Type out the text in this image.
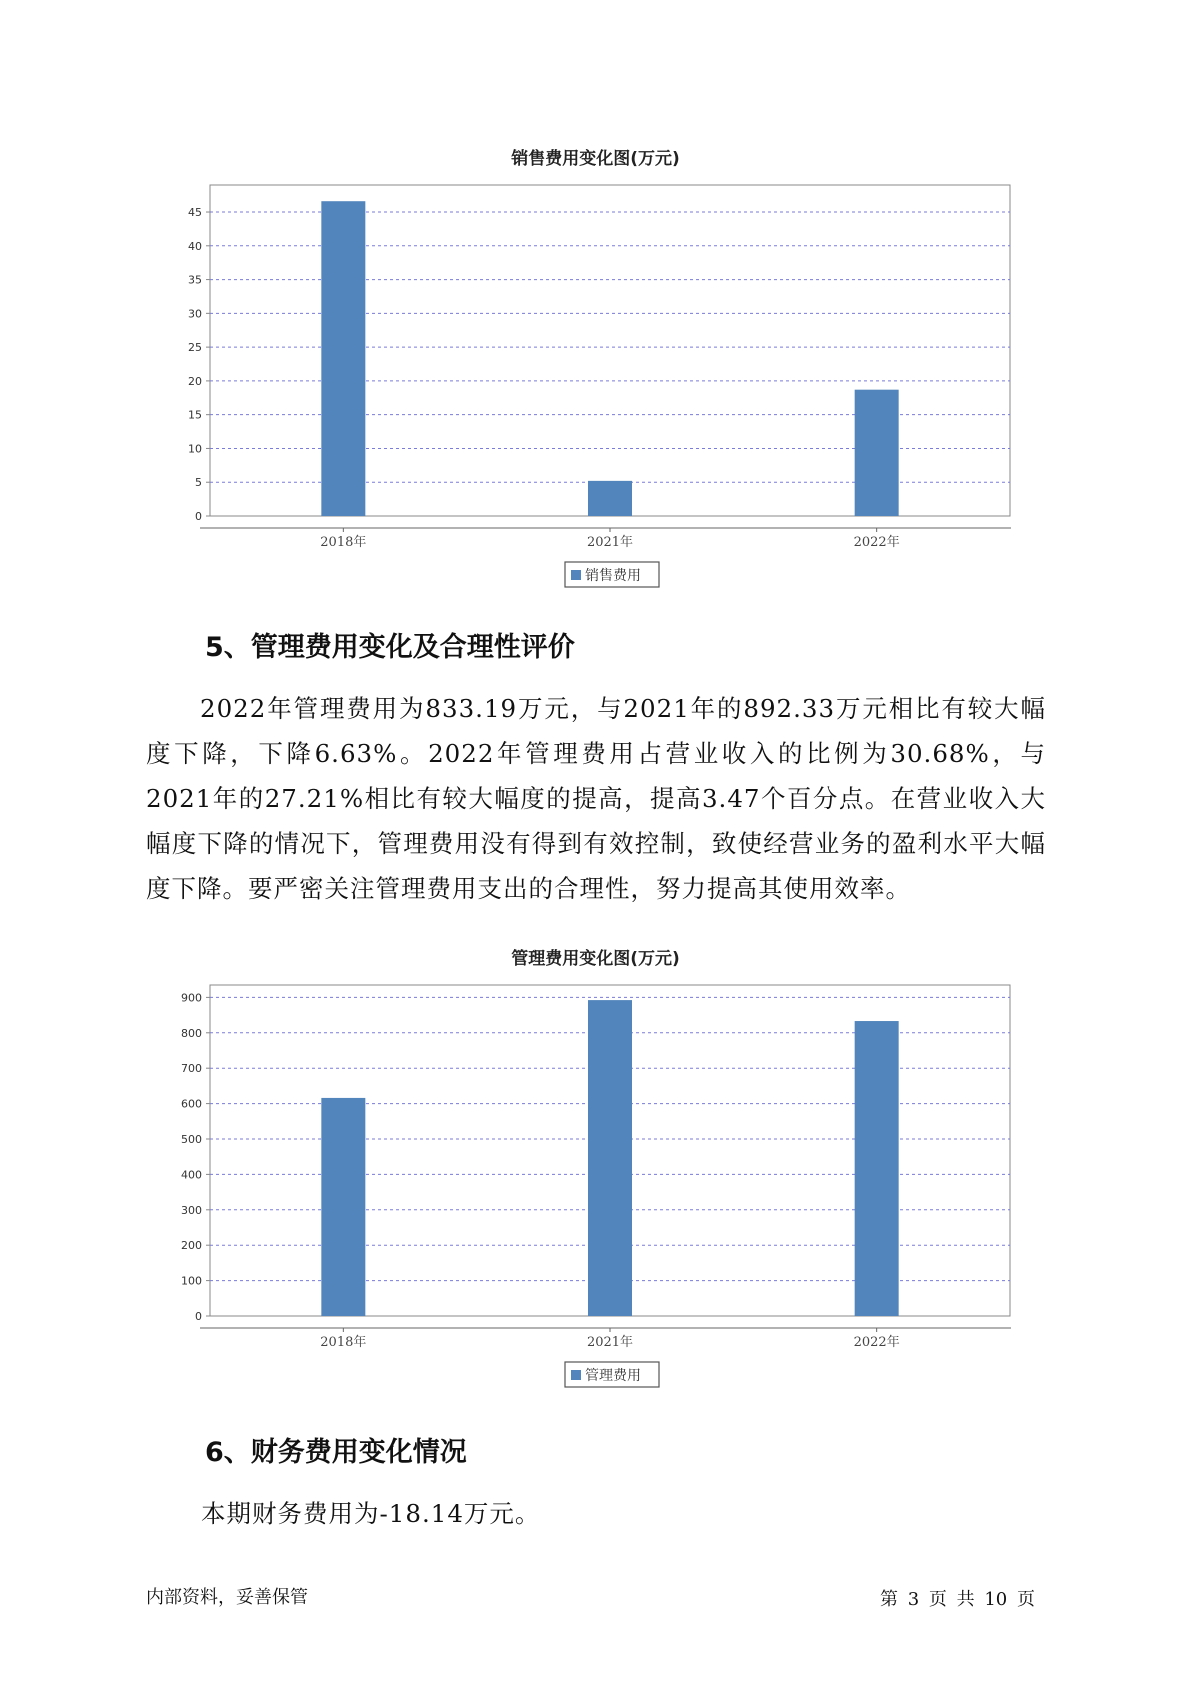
销售费用变化图(万元)
0
5
10
15
20
25
30
35
40
45
2018年	2021年	2022年
销售费用
5、管理费用变化及合理性评价
2022年管理费用为833.19万元，与2021年的892.33万元相比有较大幅度下降，下降6.63%。2022年管理费用占营业收入的比例为30.68%，与2021年的27.21%相比有较大幅度的提高，提高3.47个百分点。在营业收入大幅度下降的情况下，管理费用没有得到有效控制，致使经营业务的盈利水平大幅度下降。要严密关注管理费用支出的合理性，努力提高其使用效率。
管理费用变化图(万元)
0
100
200
300
400
500
600
700
800
900
2018年	2021年	2022年
管理费用
6、财务费用变化情况
本期财务费用为-18.14万元。
内部资料，妥善保管	第 3 页 共 10 页
